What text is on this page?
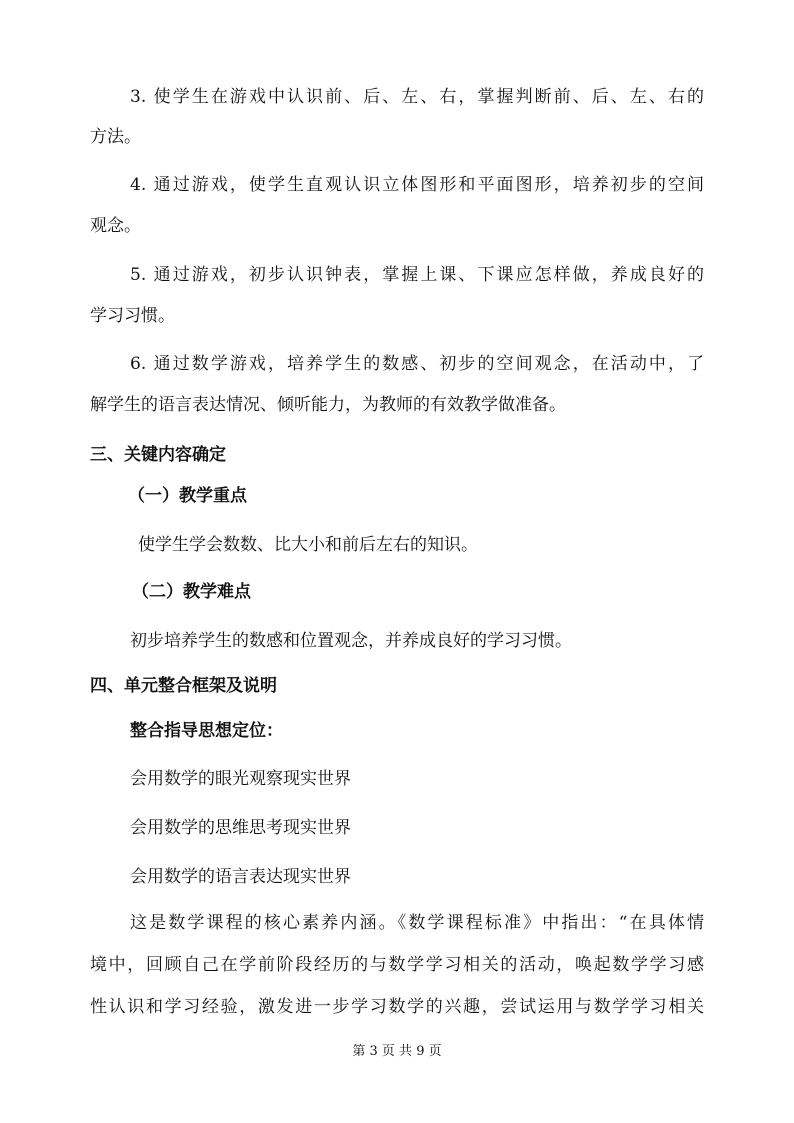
3. 使学生在游戏中认识前、后、左、右，掌握判断前、后、左、右的
方法。
4. 通过游戏，使学生直观认识立体图形和平面图形，培养初步的空间
观念。
5. 通过游戏，初步认识钟表，掌握上课、下课应怎样做，养成良好的
学习习惯。
6. 通过数学游戏，培养学生的数感、初步的空间观念，在活动中，了
解学生的语言表达情况、倾听能力，为教师的有效教学做准备。
三、关键内容确定
（一）教学重点
使学生学会数数、比大小和前后左右的知识。
（二）教学难点
初步培养学生的数感和位置观念，并养成良好的学习习惯。
四、单元整合框架及说明
整合指导思想定位：
会用数学的眼光观察现实世界
会用数学的思维思考现实世界
会用数学的语言表达现实世界
这是数学课程的核心素养内涵。《数学课程标准》中指出：“在具体情
境中，回顾自己在学前阶段经历的与数学学习相关的活动，唤起数学学习感
性认识和学习经验，激发进一步学习数学的兴趣，尝试运用与数学学习相关
第 3 页 共 9 页
